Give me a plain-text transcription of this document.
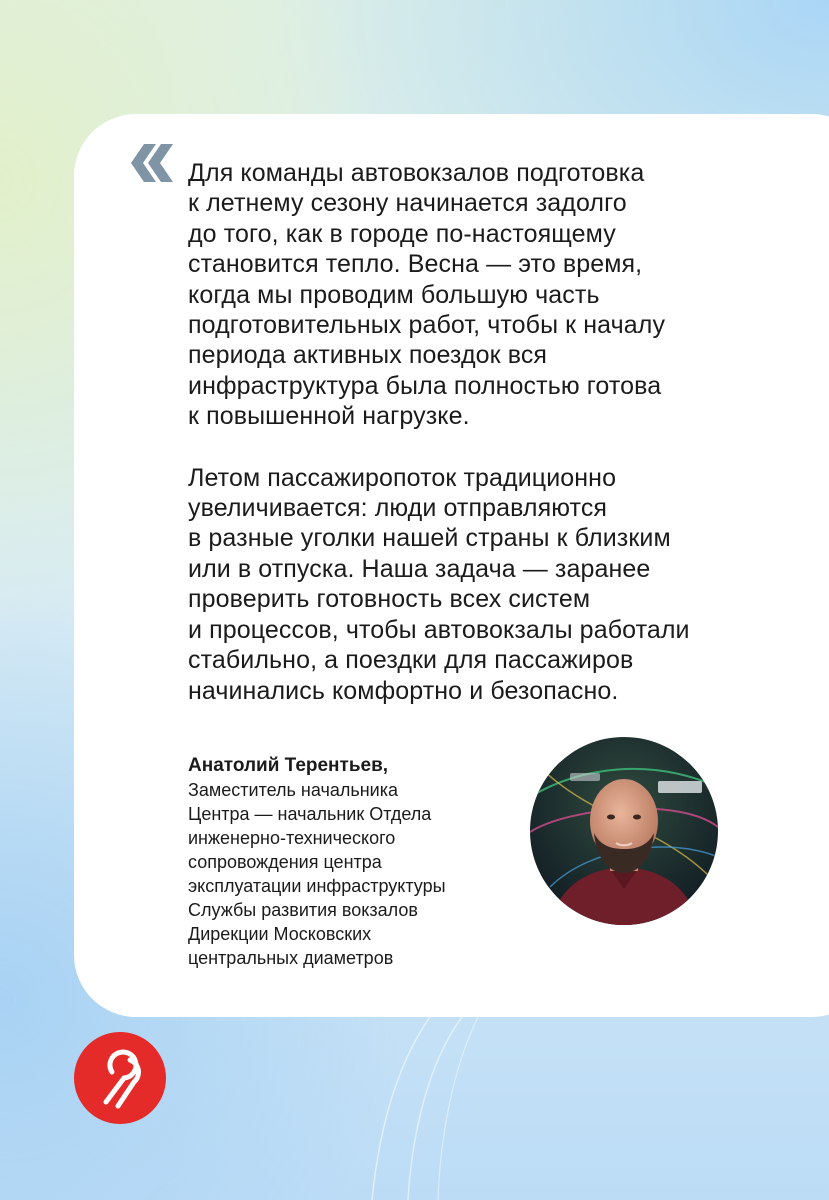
Для команды автовокзалов подготовка
к летнему сезону начинается задолго
до того, как в городе по-настоящему
становится тепло. Весна — это время,
когда мы проводим большую часть
подготовительных работ, чтобы к началу
периода активных поездок вся
инфраструктура была полностью готова
к повышенной нагрузке.

Летом пассажиропоток традиционно
увеличивается: люди отправляются
в разные уголки нашей страны к близким
или в отпуска. Наша задача — заранее
проверить готовность всех систем
и процессов, чтобы автовокзалы работали
стабильно, а поездки для пассажиров
начинались комфортно и безопасно.

Анатолий Терентьев,
Заместитель начальника
Центра — начальник Отдела
инженерно-технического
сопровождения центра
эксплуатации инфраструктуры
Службы развития вокзалов
Дирекции Московских
центральных диаметров
